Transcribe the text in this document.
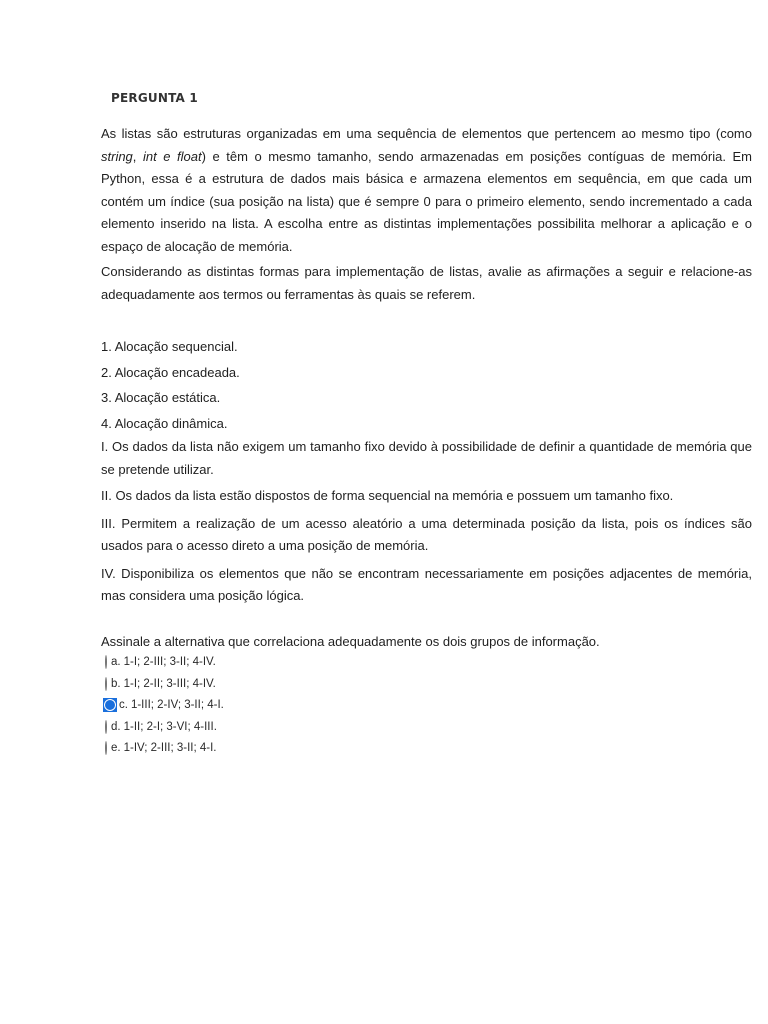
PERGUNTA 1

As listas são estruturas organizadas em uma sequência de elementos que pertencem ao mesmo tipo (como string, int e float) e têm o mesmo tamanho, sendo armazenadas em posições contíguas de memória. Em Python, essa é a estrutura de dados mais básica e armazena elementos em sequência, em que cada um contém um índice (sua posição na lista) que é sempre 0 para o primeiro elemento, sendo incrementado a cada elemento inserido na lista. A escolha entre as distintas implementações possibilita melhorar a aplicação e o espaço de alocação de memória.

Considerando as distintas formas para implementação de listas, avalie as afirmações a seguir e relacione-as adequadamente aos termos ou ferramentas às quais se referem.

1. Alocação sequencial.
2. Alocação encadeada.
3. Alocação estática.
4. Alocação dinâmica.

I. Os dados da lista não exigem um tamanho fixo devido à possibilidade de definir a quantidade de memória que se pretende utilizar.

II. Os dados da lista estão dispostos de forma sequencial na memória e possuem um tamanho fixo.

III. Permitem a realização de um acesso aleatório a uma determinada posição da lista, pois os índices são usados para o acesso direto a uma posição de memória.

IV. Disponibiliza os elementos que não se encontram necessariamente em posições adjacentes de memória, mas considera uma posição lógica.

Assinale a alternativa que correlaciona adequadamente os dois grupos de informação.
a. 1-I; 2-III; 3-II; 4-IV.
b. 1-I; 2-II; 3-III; 4-IV.
c. 1-III; 2-IV; 3-II; 4-I.
d. 1-II; 2-I; 3-VI; 4-III.
e. 1-IV; 2-III; 3-II; 4-I.
